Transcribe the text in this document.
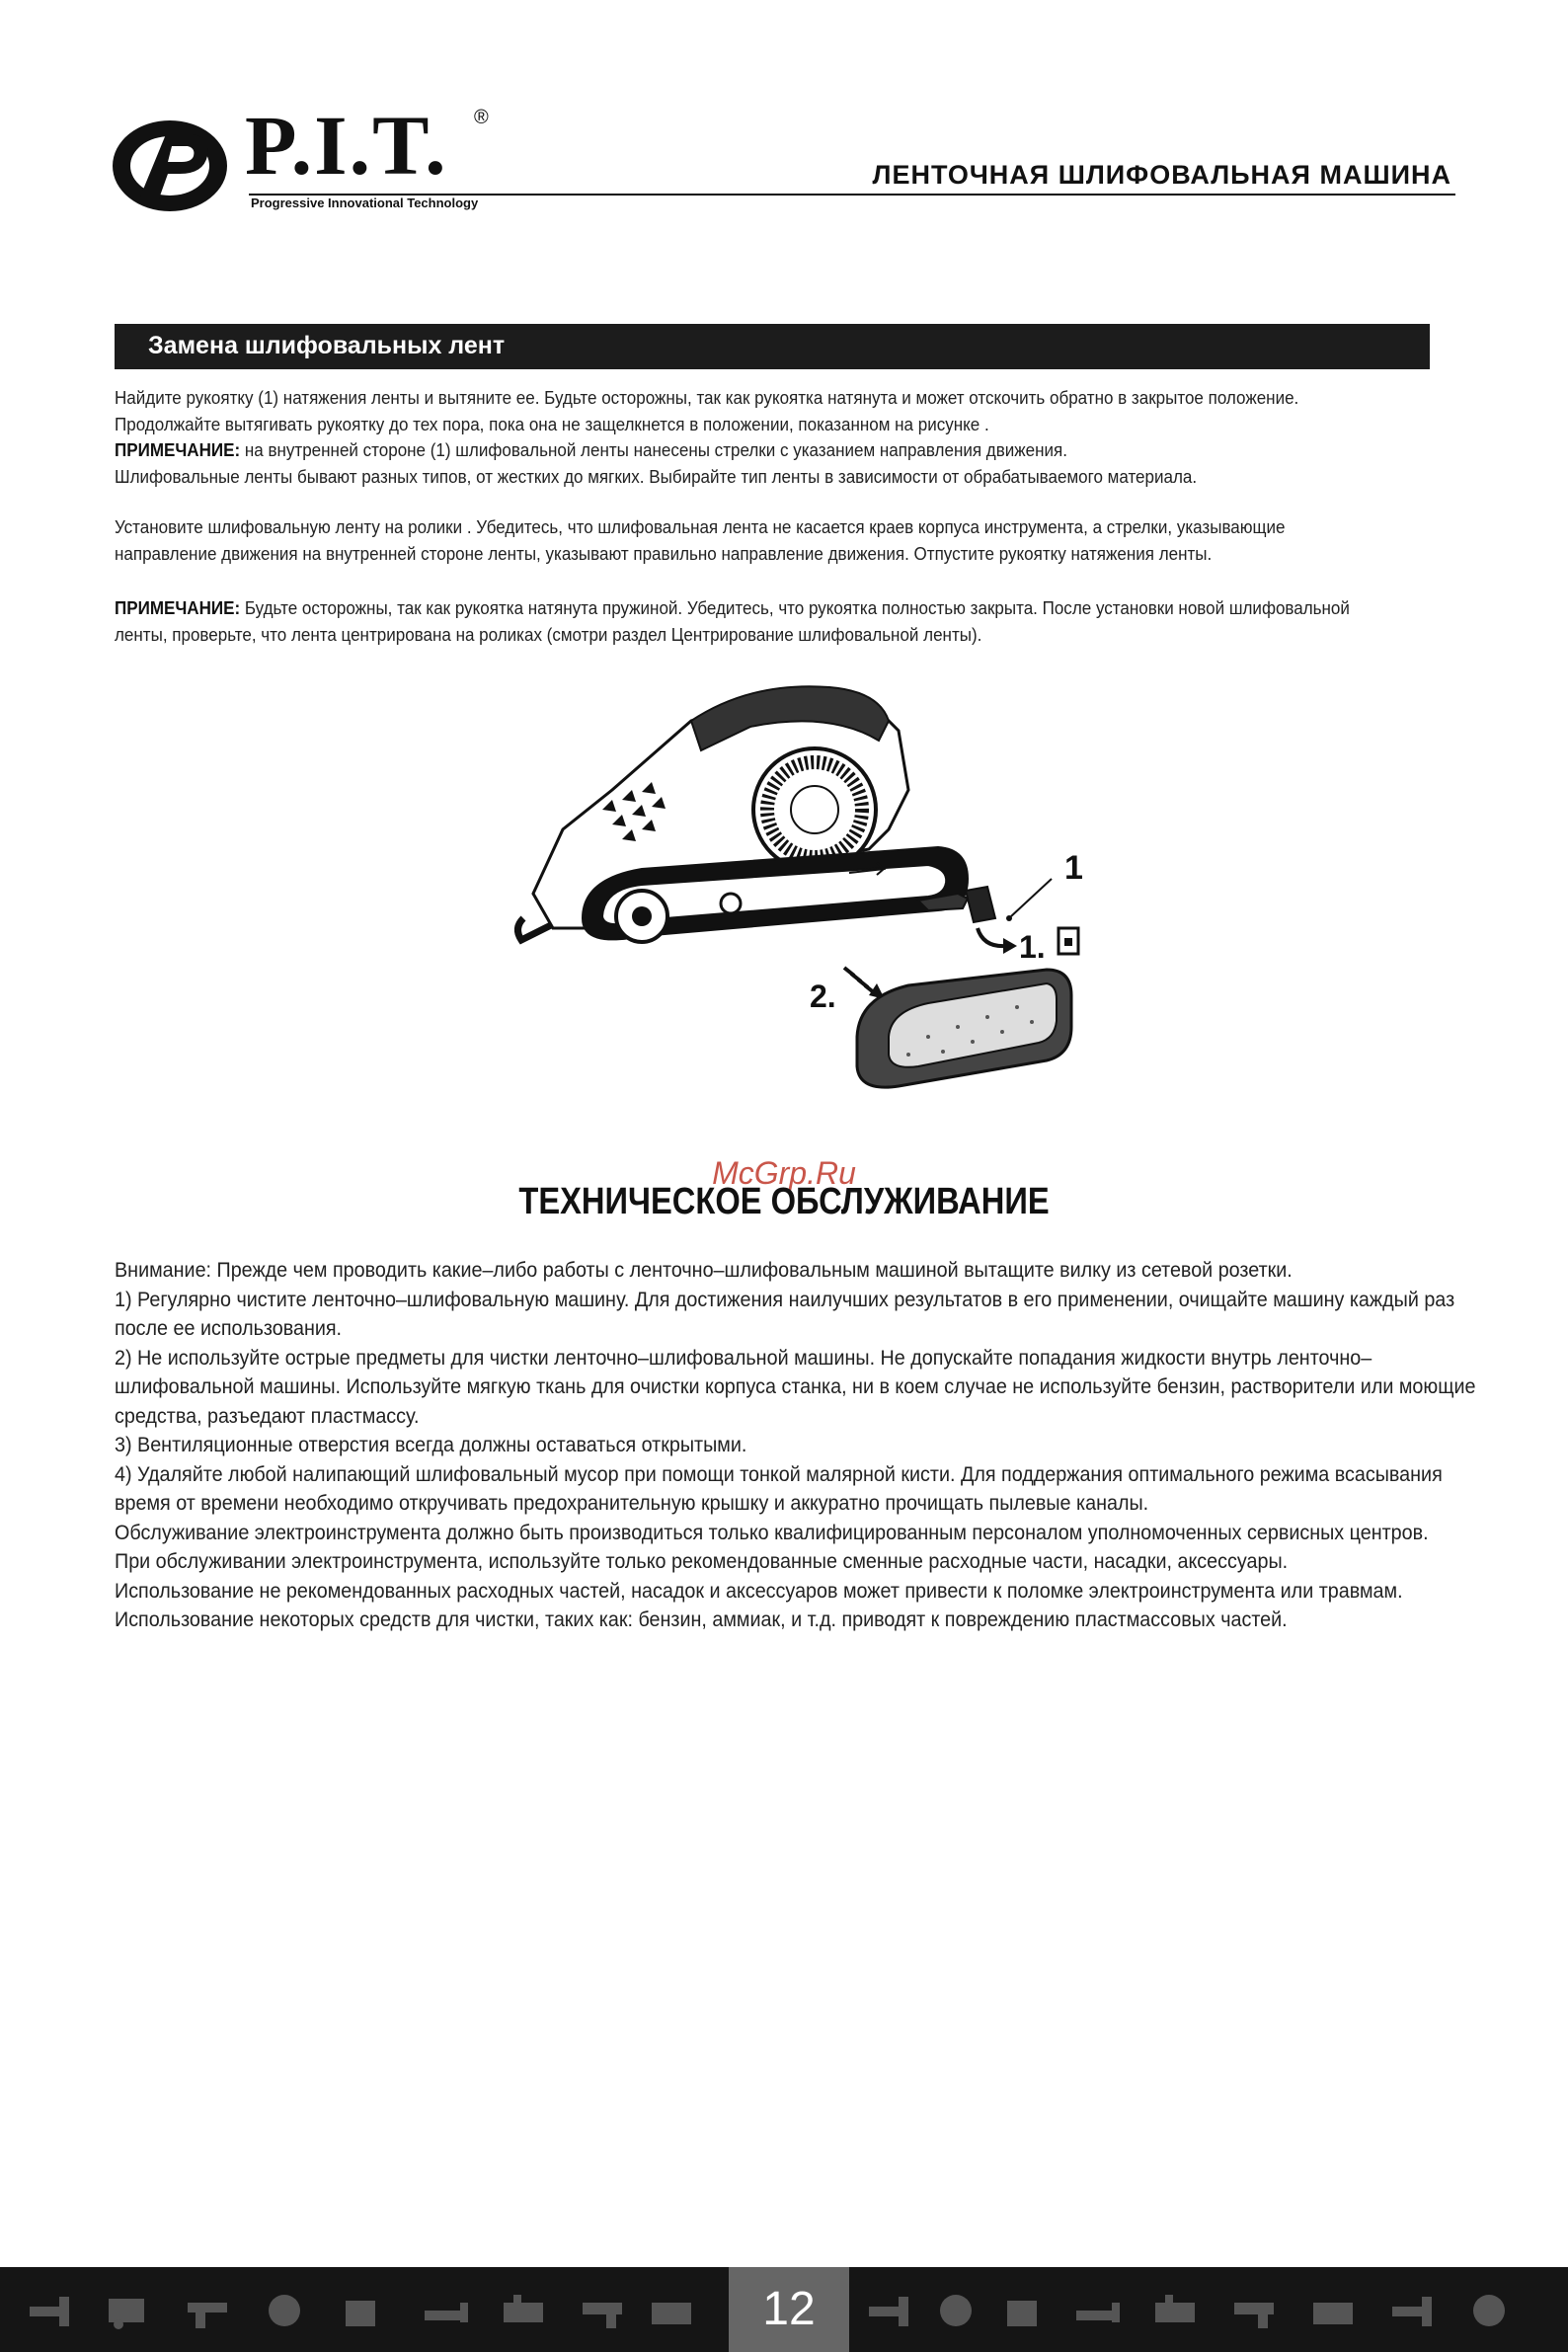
P.I.T. ®
Progressive Innovational Technology
ЛЕНТОЧНАЯ ШЛИФОВАЛЬНАЯ МАШИНА
Замена шлифовальных лент
Найдите рукоятку (1) натяжения ленты и вытяните ее. Будьте осторожны, так как рукоятка натянута и может отскочить обратно в закрытое положение.
Продолжайте вытягивать рукоятку до тех пора, пока она не защелкнется в положении, показанном на рисунке .
ПРИМЕЧАНИЕ: на внутренней стороне (1) шлифовальной ленты нанесены стрелки с указанием направления движения.
Шлифовальные ленты бывают разных типов, от жестких до мягких. Выбирайте тип ленты в зависимости от обрабатываемого материала.
Установите шлифовальную ленту на ролики . Убедитесь, что шлифовальная лента не касается краев корпуса инструмента, а стрелки, указывающие
направление движения на внутренней стороне ленты, указывают правильно направление движения. Отпустите рукоятку натяжения ленты.
ПРИМЕЧАНИЕ: Будьте осторожны, так как рукоятка натянута пружиной. Убедитесь, что рукоятка полностью закрыта. После установки новой шлифовальной
ленты, проверьте, что лента центрирована на роликах (смотри раздел Центрирование шлифовальной ленты).
1
1.
2.
McGrp.Ru
ТЕХНИЧЕСКОЕ ОБСЛУЖИВАНИЕ
Внимание: Прежде чем проводить какие–либо работы с ленточно–шлифовальным машиной вытащите вилку из сетевой розетки.
1) Регулярно чистите ленточно–шлифовальную машину. Для достижения наилучших результатов в его применении, очищайте машину каждый раз
после ее использования.
2) Не используйте острые предметы для чистки ленточно–шлифовальной машины. Не допускайте попадания жидкости внутрь ленточно–
шлифовальной машины. Используйте мягкую ткань для очистки корпуса станка, ни в коем случае не используйте бензин, растворители или моющие
средства, разъедают пластмассу.
3) Вентиляционные отверстия всегда должны оставаться открытыми.
4) Удаляйте любой налипающий шлифовальный мусор при помощи тонкой малярной кисти. Для поддержания оптимального режима всасывания
время от времени необходимо откручивать предохранительную крышку и аккуратно прочищать пылевые каналы.
Обслуживание электроинструмента должно быть производиться только квалифицированным персоналом уполномоченных сервисных центров.
При обслуживании электроинструмента, используйте только рекомендованные сменные расходные части, насадки, аксессуары.
Использование не рекомендованных расходных частей, насадок и аксессуаров может привести к поломке электроинструмента или травмам.
Использование некоторых средств для чистки, таких как: бензин, аммиак, и т.д. приводят к повреждению пластмассовых частей.
12
